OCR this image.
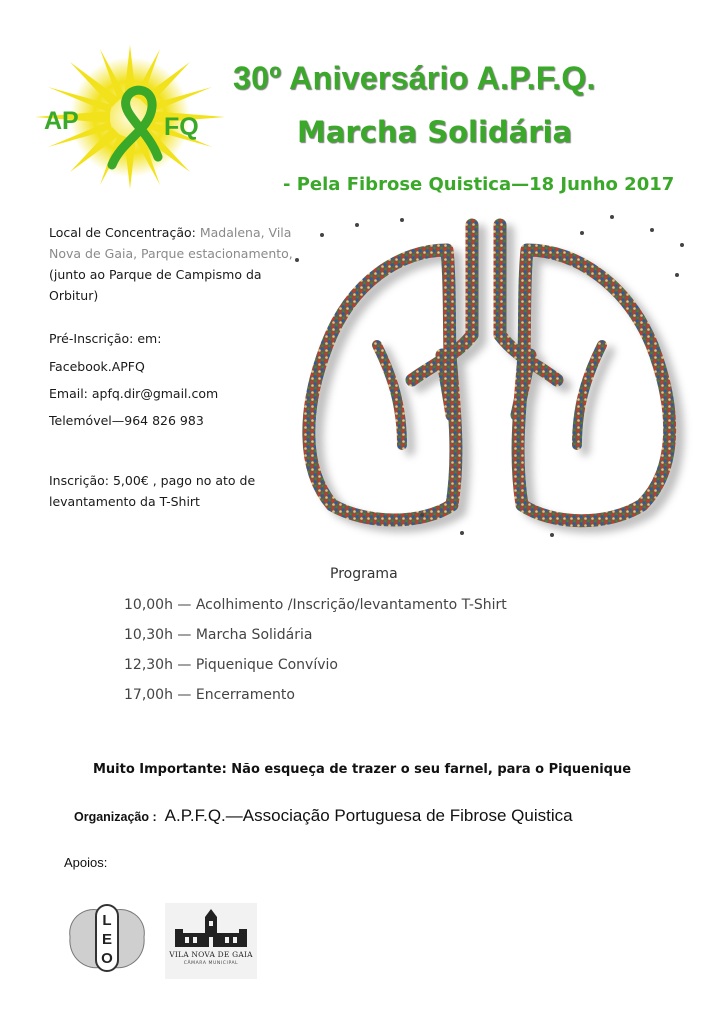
AP	FQ
30º Aniversário A.P.F.Q.
Marcha Solidária
- Pela Fibrose Quistica—18 Junho 2017
Local de Concentração: Madalena, Vila Nova de Gaia, Parque estacionamento, (junto ao Parque de Campismo da Orbitur)
Pré-Inscrição: em:
Facebook.APFQ
Email: apfq.dir@gmail.com
Telemóvel—964 826 983
Inscrição: 5,00€ , pago no ato de levantamento da T-Shirt
Programa
10,00h — Acolhimento /Inscrição/levantamento T-Shirt
10,30h — Marcha Solidária
12,30h — Piquenique Convívio
17,00h — Encerramento
Muito Importante: Não esqueça de trazer o seu farnel, para o Piquenique
Organização : A.P.F.Q.—Associação Portuguesa de Fibrose Quistica
Apoios:
L
E
O	VILA NOVA DE GAIA
CÂMARA MUNICIPAL
